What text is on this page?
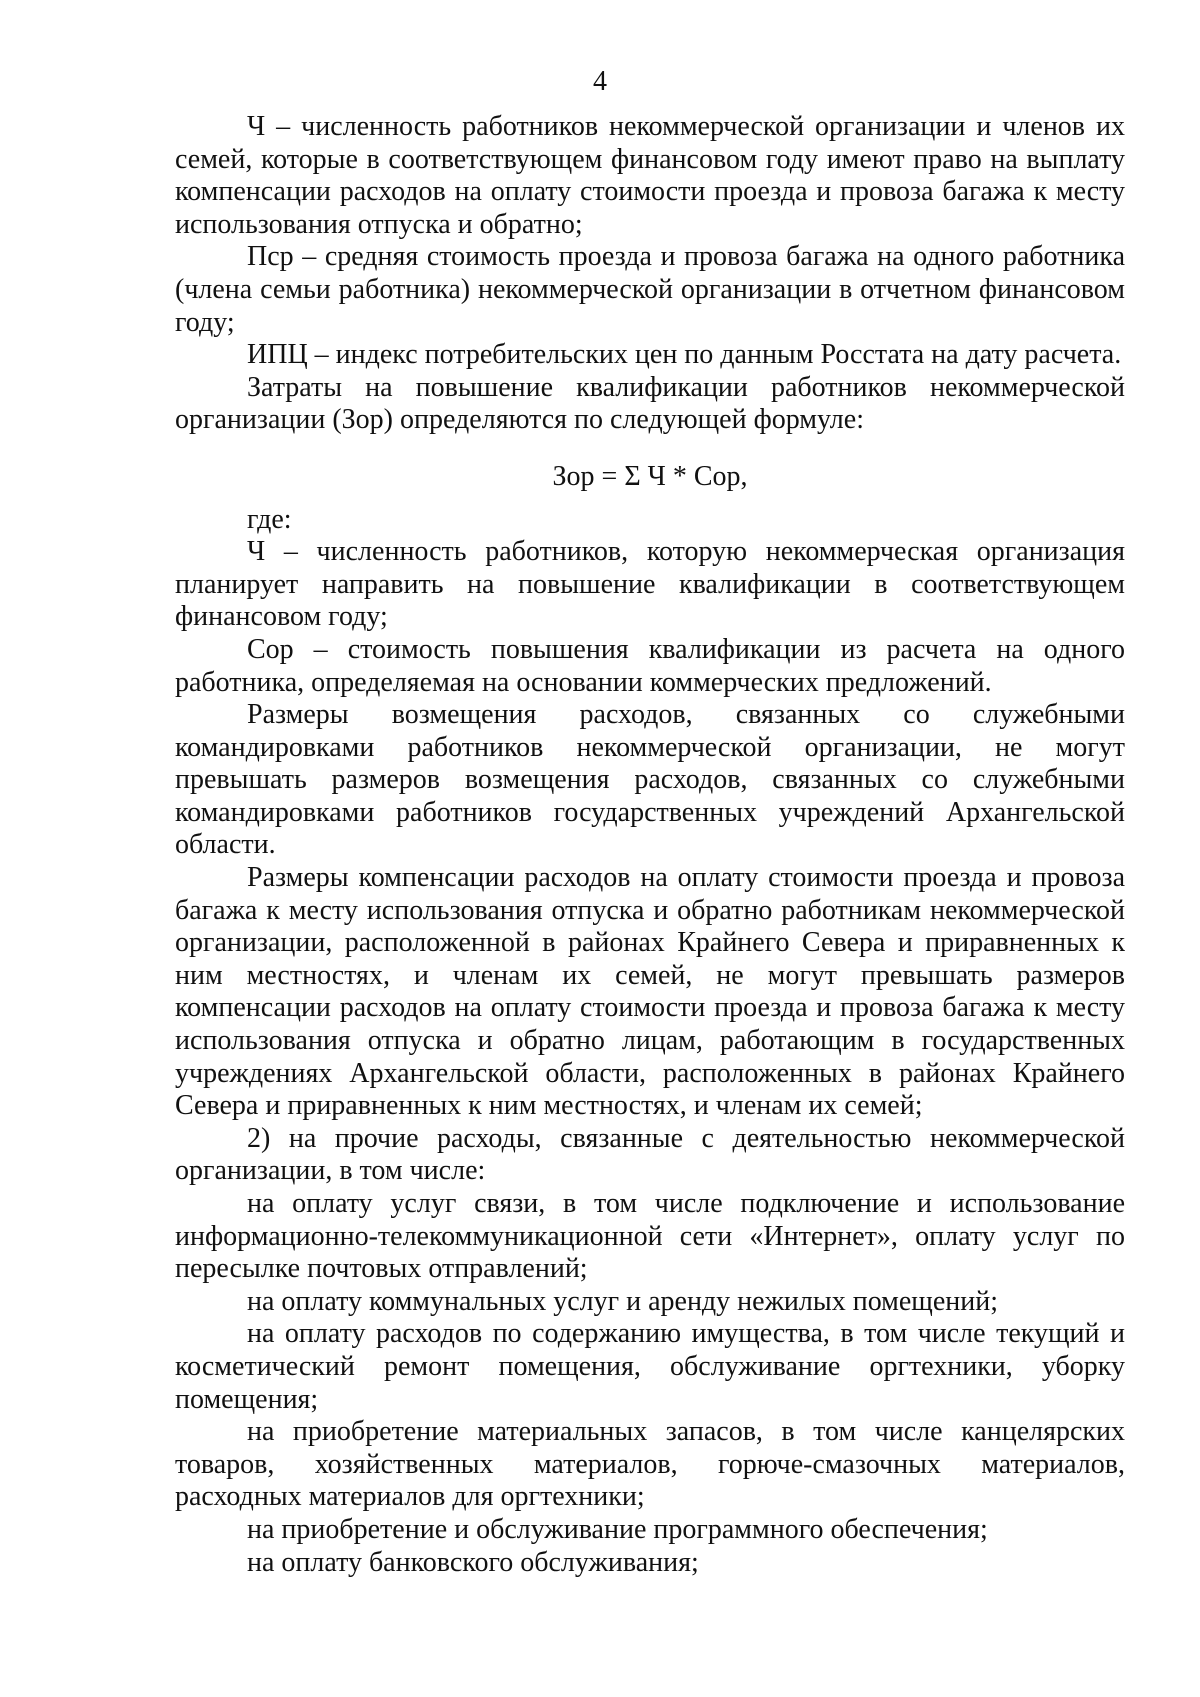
4

Ч – численность работников некоммерческой организации и членов их семей, которые в соответствующем финансовом году имеют право на выплату компенсации расходов на оплату стоимости проезда и провоза багажа к месту использования отпуска и обратно;

Пср – средняя стоимость проезда и провоза багажа на одного работника (члена семьи работника) некоммерческой организации в отчетном финансовом году;

ИПЦ – индекс потребительских цен по данным Росстата на дату расчета.

Затраты на повышение квалификации работников некоммерческой организации (Зор) определяются по следующей формуле:

Зор = Σ Ч * Сор,

где:

Ч – численность работников, которую некоммерческая организация планирует направить на повышение квалификации в соответствующем финансовом году;

Сор – стоимость повышения квалификации из расчета на одного работника, определяемая на основании коммерческих предложений.

Размеры возмещения расходов, связанных со служебными командировками работников некоммерческой организации, не могут превышать размеров возмещения расходов, связанных со служебными командировками работников государственных учреждений Архангельской области.

Размеры компенсации расходов на оплату стоимости проезда и провоза багажа к месту использования отпуска и обратно работникам некоммерческой организации, расположенной в районах Крайнего Севера и приравненных к ним местностях, и членам их семей, не могут превышать размеров компенсации расходов на оплату стоимости проезда и провоза багажа к месту использования отпуска и обратно лицам, работающим в государственных учреждениях Архангельской области, расположенных в районах Крайнего Севера и приравненных к ним местностях, и членам их семей;

2) на прочие расходы, связанные с деятельностью некоммерческой организации, в том числе:

на оплату услуг связи, в том числе подключение и использование информационно-телекоммуникационной сети «Интернет», оплату услуг по пересылке почтовых отправлений;

на оплату коммунальных услуг и аренду нежилых помещений;

на оплату расходов по содержанию имущества, в том числе текущий и косметический ремонт помещения, обслуживание оргтехники, уборку помещения;

на приобретение материальных запасов, в том числе канцелярских товаров, хозяйственных материалов, горюче-смазочных материалов, расходных материалов для оргтехники;

на приобретение и обслуживание программного обеспечения;

на оплату банковского обслуживания;
